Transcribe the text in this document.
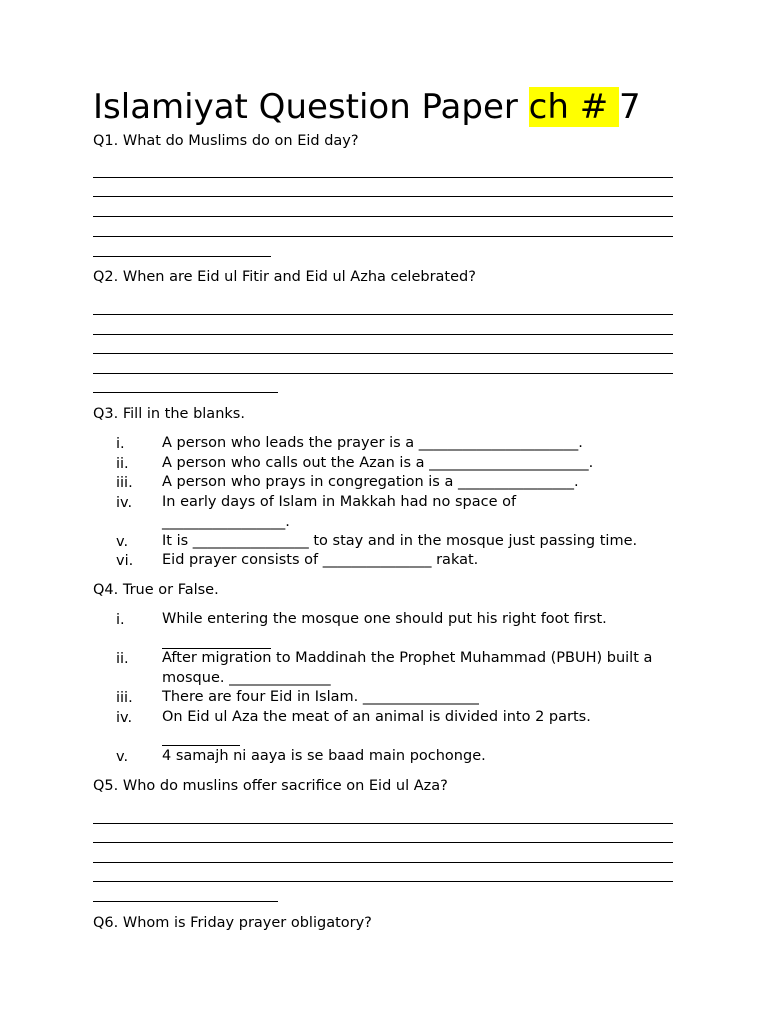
Islamiyat Question Paper ch # 7
Q1. What do Muslims do on Eid day?
Q2. When are Eid ul Fitir and Eid ul Azha celebrated?
Q3. Fill in the blanks.
i.	A person who leads the prayer is a ______________________.
ii. A person who calls out the Azan is a ______________________.
iii. A person who prays in congregation is a ________________.
iv. In early days of Islam in Makkah had no space of _________________.
v. It is ________________ to stay and in the mosque just passing time.
vi. Eid prayer consists of _______________ rakat.
Q4. True or False.
i.	While entering the mosque one should put his right foot first.
ii. After migration to Maddinah the Prophet Muhammad (PBUH) built a mosque. ______________
iii. There are four Eid in Islam. ________________
iv. On Eid ul Aza the meat of an animal is divided into 2 parts.
v. 4 samajh ni aaya is se baad main pochonge.
Q5. Who do muslins offer sacrifice on Eid ul Aza?
Q6. Whom is Friday prayer obligatory?
